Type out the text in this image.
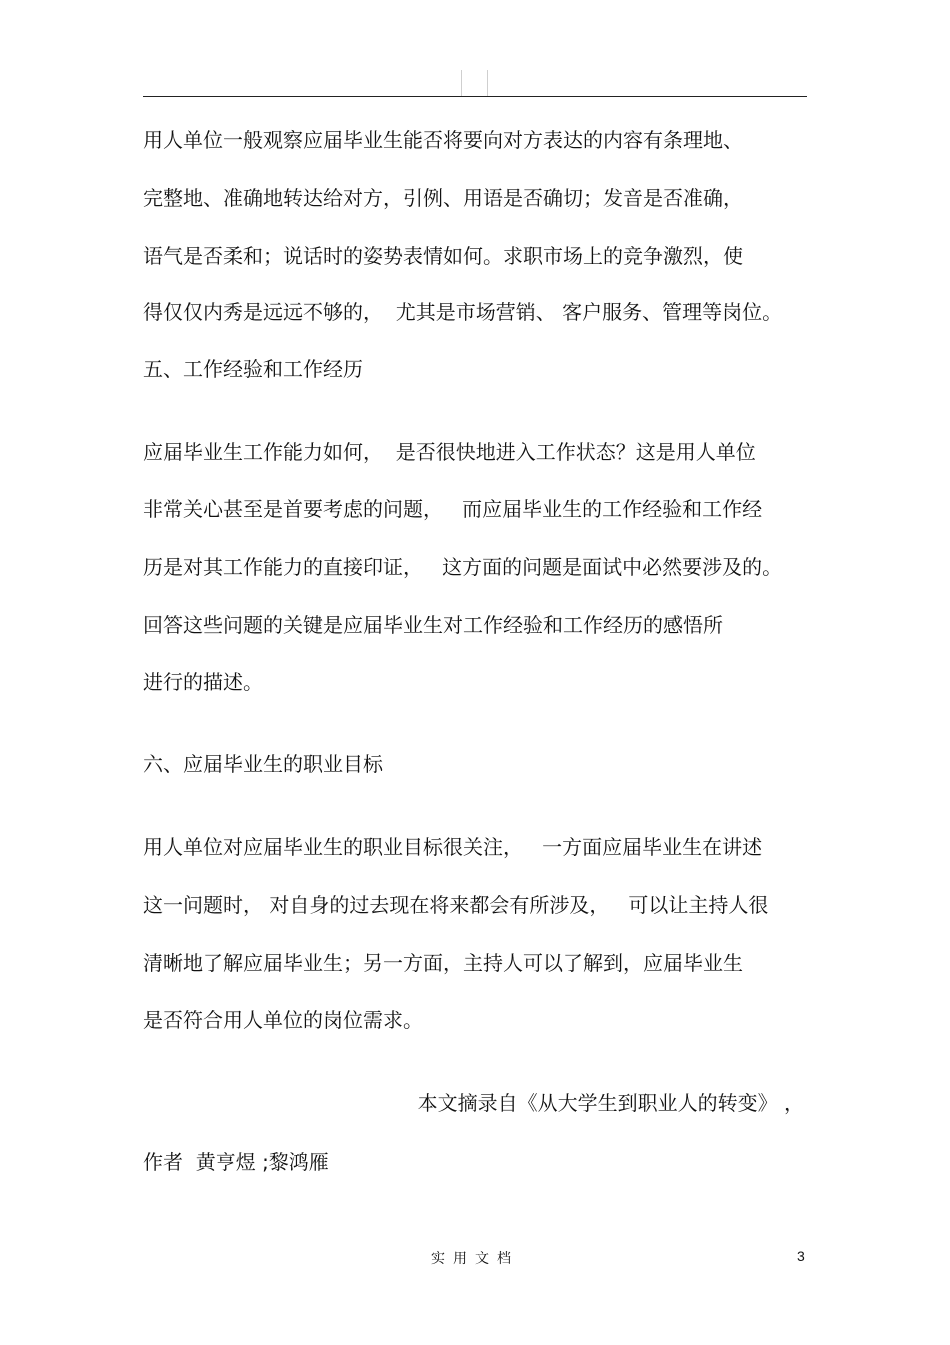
用人单位一般观察应届毕业生能否将要向对方表达的内容有条理地、
完整地、准确地转达给对方，引例、用语是否确切；发音是否准确，
语气是否柔和；说话时的姿势表情如何。求职市场上的竞争激烈，使
得仅仅内秀是远远不够的，  尤其是市场营销、 客户服务、管理等岗位。
五、工作经验和工作经历
应届毕业生工作能力如何，  是否很快地进入工作状态？这是用人单位
非常关心甚至是首要考虑的问题，   而应届毕业生的工作经验和工作经
历是对其工作能力的直接印证，   这方面的问题是面试中必然要涉及的。
回答这些问题的关键是应届毕业生对工作经验和工作经历的感悟所
进行的描述。
六、应届毕业生的职业目标
用人单位对应届毕业生的职业目标很关注，   一方面应届毕业生在讲述
这一问题时， 对自身的过去现在将来都会有所涉及，   可以让主持人很
清晰地了解应届毕业生；另一方面，主持人可以了解到，应届毕业生
是否符合用人单位的岗位需求。
本文摘录自《从大学生到职业人的转变》 ，
作者  黄亨煜 ;黎鸿雁
实用文档	3
